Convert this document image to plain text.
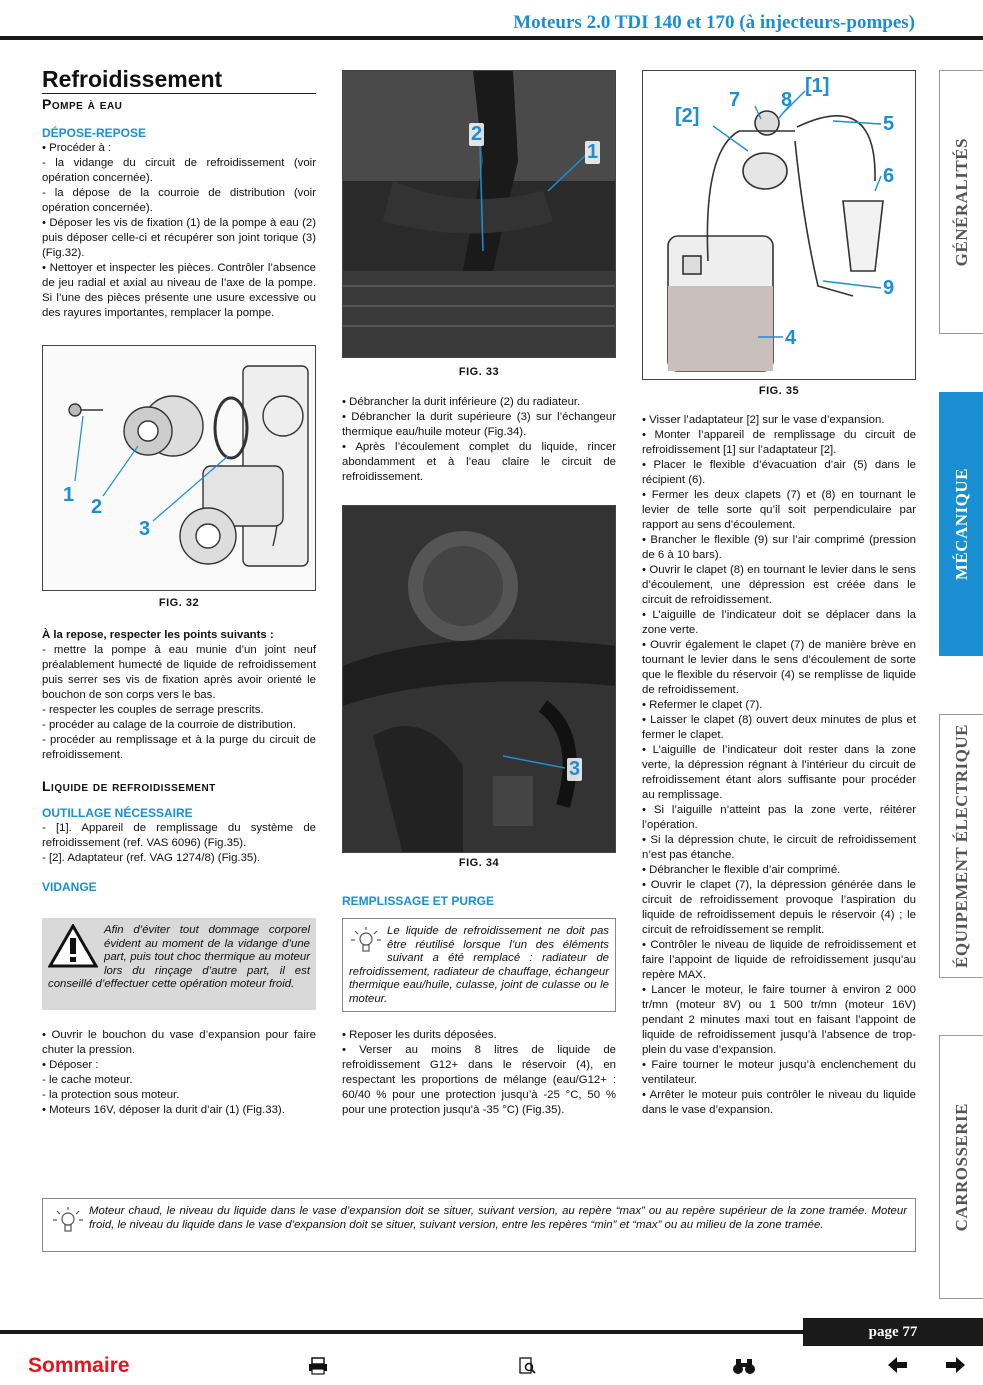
Moteurs 2.0 TDI 140 et 170 (à injecteurs-pompes)
Refroidissement
Pompe à eau
DÉPOSE-REPOSE
• Procéder à :
- la vidange du circuit de refroidissement (voir opération concernée).
- la dépose de la courroie de distribution (voir opération concernée).
• Déposer les vis de fixation (1) de la pompe à eau (2) puis déposer celle-ci et récupérer son joint torique (3) (Fig.32).
• Nettoyer et inspecter les pièces. Contrôler l’absence de jeu radial et axial au niveau de l’axe de la pompe. Si l’une des pièces présente une usure excessive ou des rayures importantes, remplacer la pompe.
1
2
3
FIG. 32
À la repose, respecter les points suivants :
- mettre la pompe à eau munie d’un joint neuf préalablement humecté de liquide de refroidissement puis serrer ses vis de fixation après avoir orienté le bouchon de son corps vers le bas.
- respecter les couples de serrage prescrits.
- procéder au calage de la courroie de distribution.
- procéder au remplissage et à la purge du circuit de refroidissement.
Liquide de refroidissement
OUTILLAGE NÉCESSAIRE
- [1]. Appareil de remplissage du système de refroidissement (ref. VAS 6096) (Fig.35).
- [2]. Adaptateur (ref. VAG 1274/8) (Fig.35).
VIDANGE
Afin d’éviter tout dommage corporel évident au moment de la vidange d’une part, puis tout choc thermique au moteur lors du rinçage d’autre part, il est conseillé d’effectuer cette opération moteur froid.
• Ouvrir le bouchon du vase d’expansion pour faire chuter la pression.
• Déposer :
- le cache moteur.
- la protection sous moteur.
• Moteurs 16V, déposer la durit d’air (1) (Fig.33).
2
1
FIG. 33
• Débrancher la durit inférieure (2) du radiateur.
• Débrancher la durit supérieure (3) sur l’échangeur thermique eau/huile moteur (Fig.34).
• Après l’écoulement complet du liquide, rincer abondamment et à l’eau claire le circuit de refroidissement.
3
FIG. 34
REMPLISSAGE ET PURGE
Le liquide de refroidissement ne doit pas être réutilisé lorsque l’un des éléments suivant a été remplacé : radiateur de refroidissement, radiateur de chauffage, échangeur thermique eau/huile, culasse, joint de culasse ou le moteur.
• Reposer les durits déposées.
• Verser au moins 8 litres de liquide de refroidissement G12+ dans le réservoir (4), en respectant les proportions de mélange (eau/G12+ : 60/40 % pour une protection jusqu’à -25 °C, 50 % pour une protection jusqu’à -35 °C) (Fig.35).
7 8
[1]
[2]	5
6
9
4
FIG. 35
• Visser l’adaptateur [2] sur le vase d’expansion.
• Monter l’appareil de remplissage du circuit de refroidissement [1] sur l’adaptateur [2].
• Placer le flexible d’évacuation d’air (5) dans le récipient (6).
• Fermer les deux clapets (7) et (8) en tournant le levier de telle sorte qu’il soit perpendiculaire par rapport au sens d’écoulement.
• Brancher le flexible (9) sur l’air comprimé (pression de 6 à 10 bars).
• Ouvrir le clapet (8) en tournant le levier dans le sens d’écoulement, une dépression est créée dans le circuit de refroidissement.
• L’aiguille de l’indicateur doit se déplacer dans la zone verte.
• Ouvrir également le clapet (7) de manière brève en tournant le levier dans le sens d’écoulement de sorte que le flexible du réservoir (4) se remplisse de liquide de refroidissement.
• Refermer le clapet (7).
• Laisser le clapet (8) ouvert deux minutes de plus et fermer le clapet.
• L’aiguille de l’indicateur doit rester dans la zone verte, la dépression régnant à l’intérieur du circuit de refroidissement étant alors suffisante pour procéder au remplissage.
• Si l’aiguille n’atteint pas la zone verte, réitérer l’opération.
• Si la dépression chute, le circuit de refroidissement n’est pas étanche.
• Débrancher le flexible d’air comprimé.
• Ouvrir le clapet (7), la dépression générée dans le circuit de refroidissement provoque l’aspiration du liquide de refroidissement depuis le réservoir (4) ; le circuit de refroidissement se remplit.
• Contrôler le niveau de liquide de refroidissement et faire l’appoint de liquide de refroidissement jusqu’au repère MAX.
• Lancer le moteur, le faire tourner à environ 2 000 tr/mn (moteur 8V) ou 1 500 tr/mn (moteur 16V) pendant 2 minutes maxi tout en faisant l’appoint de liquide de refroidissement jusqu’à l’absence de trop-plein du vase d’expansion.
• Faire tourner le moteur jusqu’à enclenchement du ventilateur.
• Arrêter le moteur puis contrôler le niveau du liquide dans le vase d’expansion.
Moteur chaud, le niveau du liquide dans le vase d’expansion doit se situer, suivant version, au repère “max” ou au repère supérieur de la zone tramée. Moteur froid, le niveau du liquide dans le vase d’expansion doit se situer, suivant version, entre les repères “min” et “max” ou au milieu de la zone tramée.
GÉNÉRALITÉS
MÉCANIQUE
ÉQUIPEMENT ÉLECTRIQUE
CARROSSERIE
page 77
Sommaire
